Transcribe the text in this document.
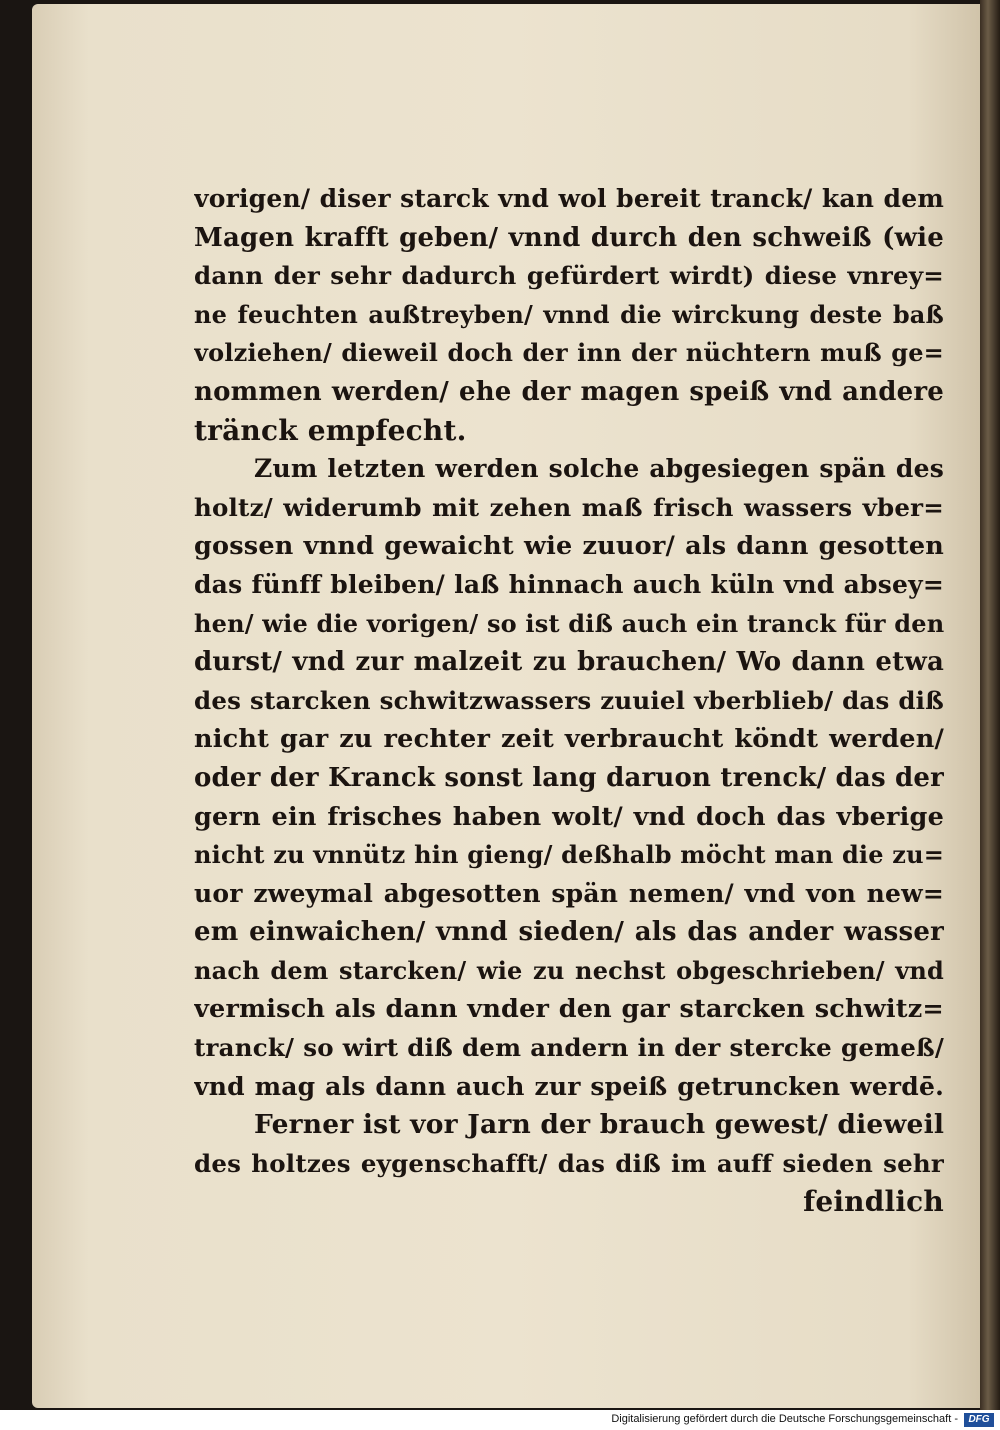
vorigen/ diser starck vnd wol bereit tranck/ kan dem
Magen krafft geben/ vnnd durch den schweiß (wie
dann der sehr dadurch gefürdert wirdt) diese vnrey=
ne feuchten außtreyben/ vnnd die wirckung deste baß
volziehen/ dieweil doch der inn der nüchtern muß ge=
nommen werden/ ehe der magen speiß vnd andere
tränck empfecht.
Zum letzten werden solche abgesiegen spän des
holtz/ widerumb mit zehen maß frisch wassers vber=
gossen vnnd gewaicht wie zuuor/ als dann gesotten
das fünff bleiben/ laß hinnach auch küln vnd absey=
hen/ wie die vorigen/ so ist diß auch ein tranck für den
durst/ vnd zur malzeit zu brauchen/ Wo dann etwa
des starcken schwitzwassers zuuiel vberblieb/ das diß
nicht gar zu rechter zeit verbraucht köndt werden/
oder der Kranck sonst lang daruon trenck/ das der
gern ein frisches haben wolt/ vnd doch das vberige
nicht zu vnnütz hin gieng/ deßhalb möcht man die zu=
uor zweymal abgesotten spän nemen/ vnd von new=
em einwaichen/ vnnd sieden/ als das ander wasser
nach dem starcken/ wie zu nechst obgeschrieben/ vnd
vermisch als dann vnder den gar starcken schwitz=
tranck/ so wirt diß dem andern in der stercke gemeß/
vnd mag als dann auch zur speiß getruncken werdē.
Ferner ist vor Jarn der brauch gewest/ dieweil
des holtzes eygenschafft/ das diß im auff sieden sehr
feindlich
Digitalisierung gefördert durch die Deutsche Forschungsgemeinschaft -	DFG
